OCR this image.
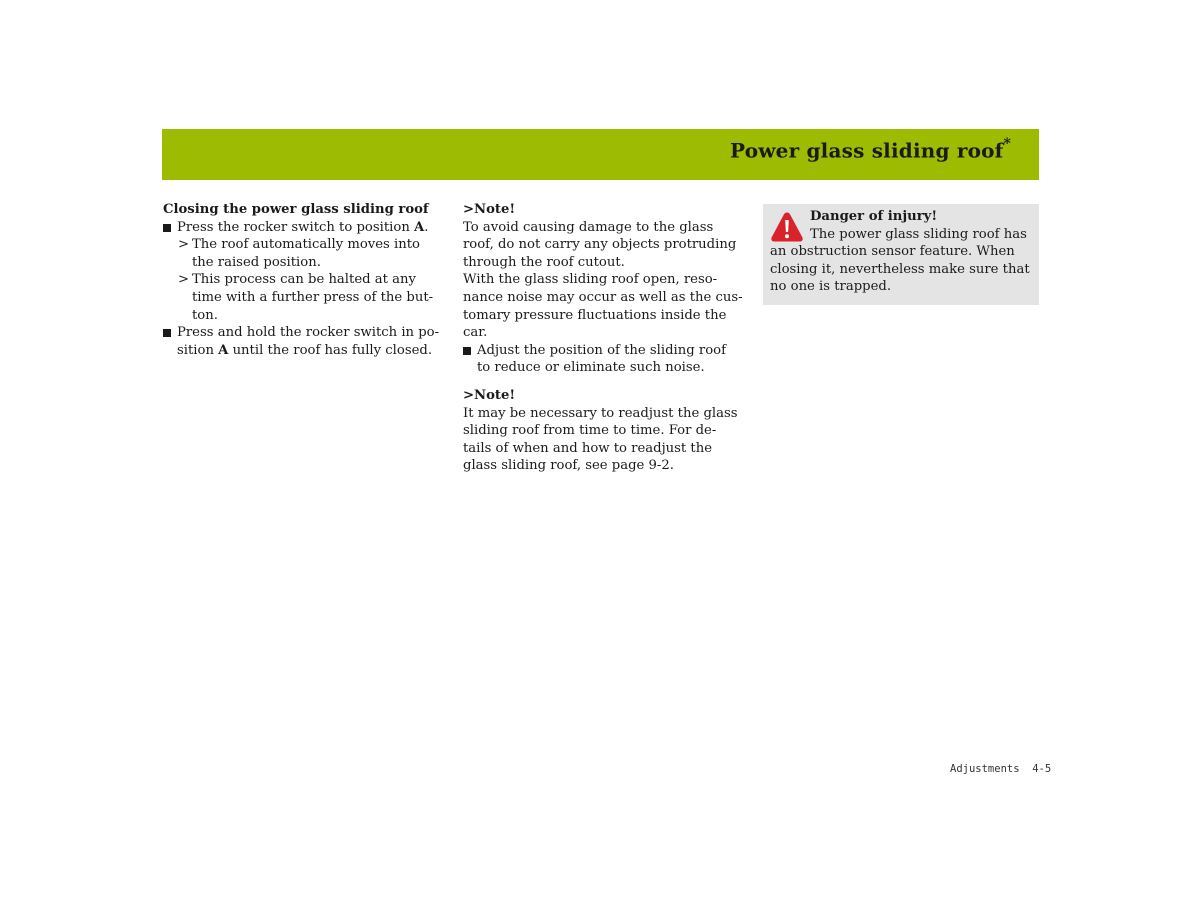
Power glass sliding roof*
Closing the power glass sliding roof
Press the rocker switch to position A.
> The roof automatically moves into
the raised position.
> This process can be halted at any
time with a further press of the but-
ton.
Press and hold the rocker switch in po-
sition A until the roof has fully closed.
>Note!
To avoid causing damage to the glass
roof, do not carry any objects protruding
through the roof cutout.
With the glass sliding roof open, reso-
nance noise may occur as well as the cus-
tomary pressure fluctuations inside the
car.
Adjust the position of the sliding roof
to reduce or eliminate such noise.
>Note!
It may be necessary to readjust the glass
sliding roof from time to time. For de-
tails of when and how to readjust the
glass sliding roof, see page 9-2.
Danger of injury!
The power glass sliding roof has
an obstruction sensor feature. When
closing it, nevertheless make sure that
no one is trapped.
Adjustments 4-5
